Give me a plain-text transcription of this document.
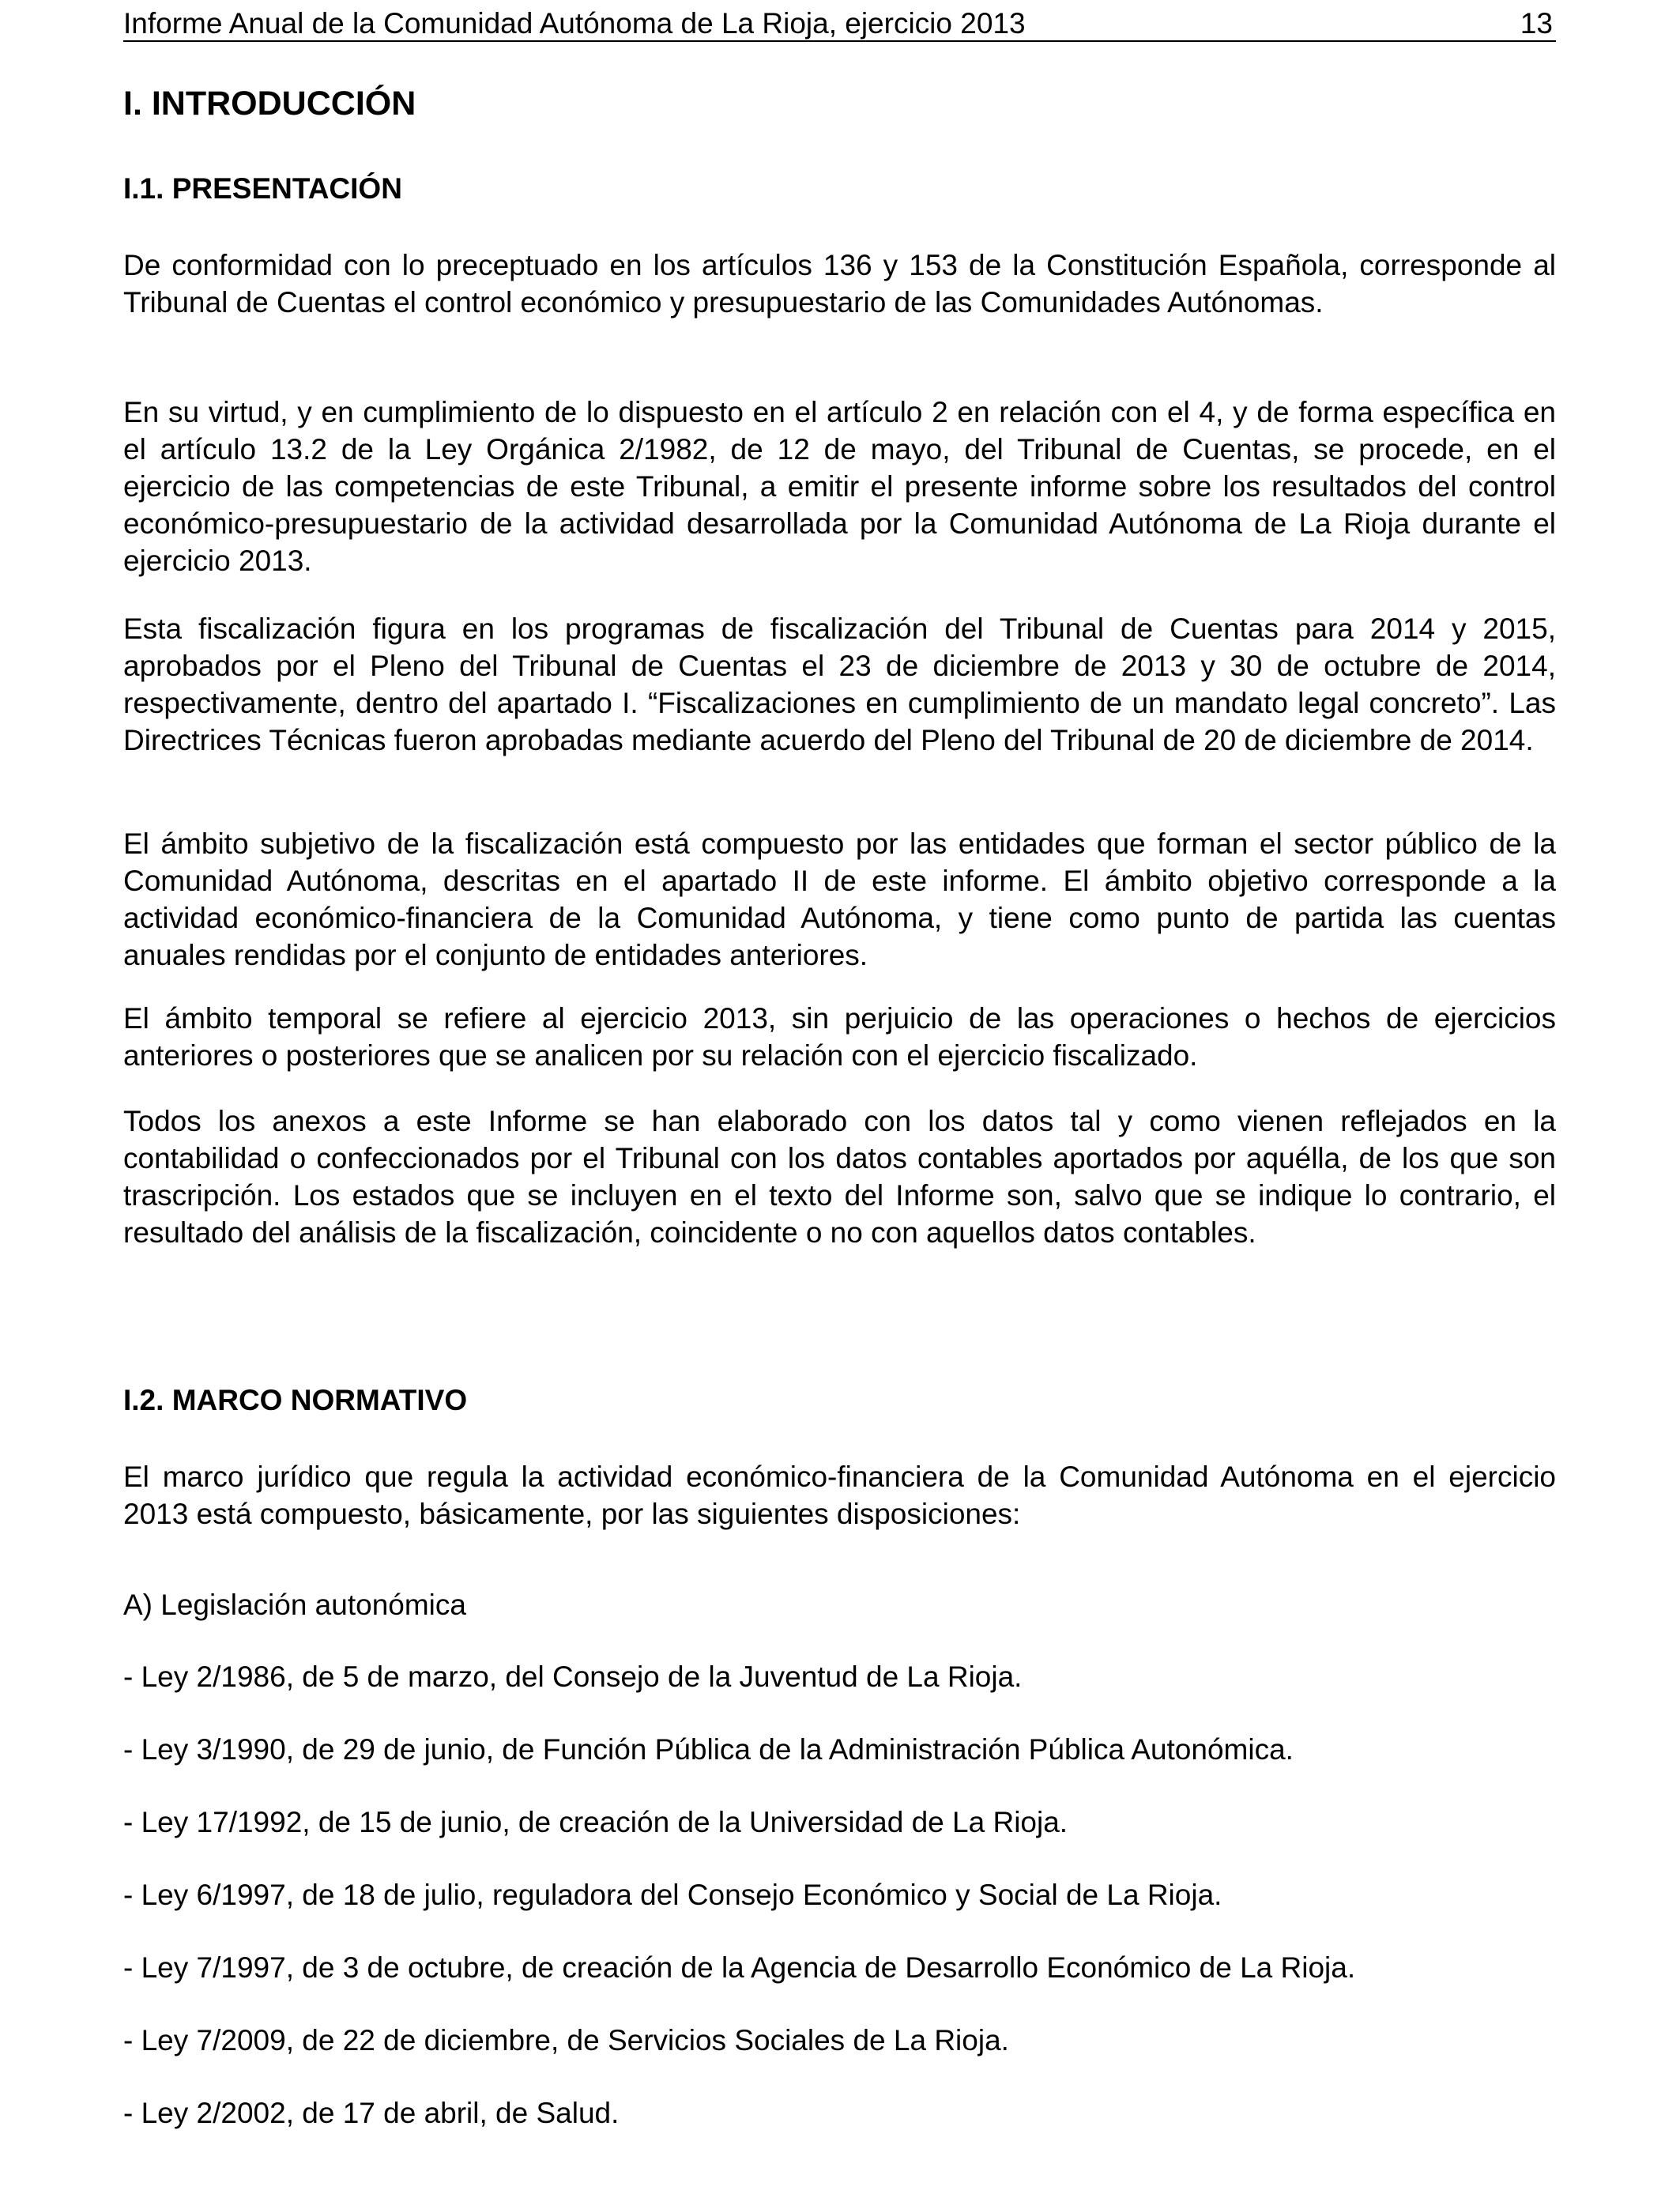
Informe Anual de la Comunidad Autónoma de La Rioja, ejercicio 2013	13
I. INTRODUCCIÓN
I.1. PRESENTACIÓN

De conformidad con lo preceptuado en los artículos 136 y 153 de la Constitución Española, corresponde al Tribunal de Cuentas el control económico y presupuestario de las Comunidades Autónomas.

En su virtud, y en cumplimiento de lo dispuesto en el artículo 2 en relación con el 4, y de forma específica en el artículo 13.2 de la Ley Orgánica 2/1982, de 12 de mayo, del Tribunal de Cuentas, se procede, en el ejercicio de las competencias de este Tribunal, a emitir el presente informe sobre los resultados del control económico-presupuestario de la actividad desarrollada por la Comunidad Autónoma de La Rioja durante el ejercicio 2013.

Esta fiscalización figura en los programas de fiscalización del Tribunal de Cuentas para 2014 y 2015, aprobados por el Pleno del Tribunal de Cuentas el 23 de diciembre de 2013 y 30 de octubre de 2014, respectivamente, dentro del apartado I. “Fiscalizaciones en cumplimiento de un mandato legal concreto”. Las Directrices Técnicas fueron aprobadas mediante acuerdo del Pleno del Tribunal de 20 de diciembre de 2014.

El ámbito subjetivo de la fiscalización está compuesto por las entidades que forman el sector público de la Comunidad Autónoma, descritas en el apartado II de este informe. El ámbito objetivo corresponde a la actividad económico-financiera de la Comunidad Autónoma, y tiene como punto de partida las cuentas anuales rendidas por el conjunto de entidades anteriores.

El ámbito temporal se refiere al ejercicio 2013, sin perjuicio de las operaciones o hechos de ejercicios anteriores o posteriores que se analicen por su relación con el ejercicio fiscalizado.

Todos los anexos a este Informe se han elaborado con los datos tal y como vienen reflejados en la contabilidad o confeccionados por el Tribunal con los datos contables aportados por aquélla, de los que son trascripción. Los estados que se incluyen en el texto del Informe son, salvo que se indique lo contrario, el resultado del análisis de la fiscalización, coincidente o no con aquellos datos contables.

I.2. MARCO NORMATIVO

El marco jurídico que regula la actividad económico-financiera de la Comunidad Autónoma en el ejercicio 2013 está compuesto, básicamente, por las siguientes disposiciones:

A) Legislación autonómica

- Ley 2/1986, de 5 de marzo, del Consejo de la Juventud de La Rioja.

- Ley 3/1990, de 29 de junio, de Función Pública de la Administración Pública Autonómica.

- Ley 17/1992, de 15 de junio, de creación de la Universidad de La Rioja.

- Ley 6/1997, de 18 de julio, reguladora del Consejo Económico y Social de La Rioja.

- Ley 7/1997, de 3 de octubre, de creación de la Agencia de Desarrollo Económico de La Rioja.

- Ley 7/2009, de 22 de diciembre, de Servicios Sociales de La Rioja.

- Ley 2/2002, de 17 de abril, de Salud.
